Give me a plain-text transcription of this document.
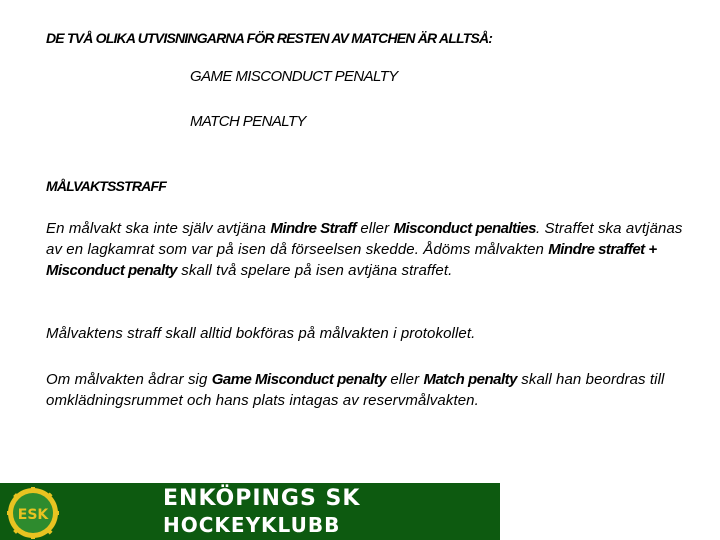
DE TVÅ OLIKA UTVISNINGARNA FÖR RESTEN AV MATCHEN ÄR ALLTSÅ:
GAME MISCONDUCT PENALTY
MATCH PENALTY
MÅLVAKTSSTRAFF
En målvakt ska inte själv avtjäna Mindre Straff eller Misconduct penalties. Straffet ska avtjänas av en lagkamrat som var på isen då förseelsen skedde. Ådöms målvakten Mindre straffet + Misconduct penalty skall två spelare på isen avtjäna straffet.
Målvaktens straff skall alltid bokföras på målvakten i protokollet.
Om målvakten ådrar sig Game Misconduct penalty eller Match penalty skall han beordras till omklädningsrummet och hans plats intagas av reservmålvakten.
ESK
ENKÖPINGS SK
HOCKEYKLUBB
